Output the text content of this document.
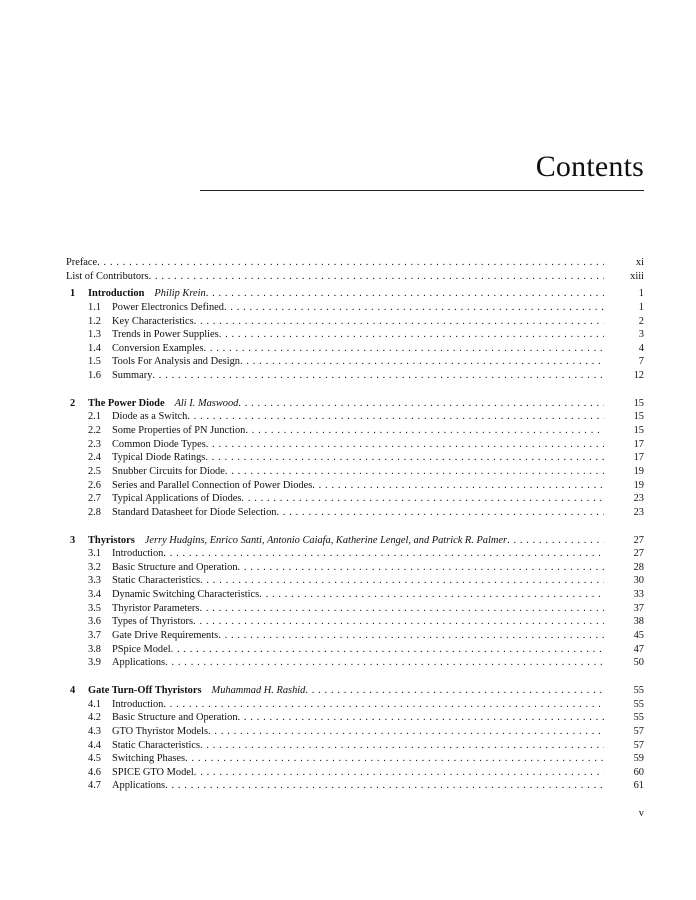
Contents
Preface . . .	xi
List of Contributors . . .	xiii
1	Introduction Philip Krein . . .	1
1.1	Power Electronics Defined . . .	1
1.2	Key Characteristics . . .	2
1.3	Trends in Power Supplies . . .	3
1.4	Conversion Examples . . .	4
1.5	Tools For Analysis and Design . . .	7
1.6	Summary . . .	12
2	The Power Diode Ali I. Maswood . . .	15
2.1	Diode as a Switch . . .	15
2.2	Some Properties of PN Junction . . .	15
2.3	Common Diode Types . . .	17
2.4	Typical Diode Ratings . . .	17
2.5	Snubber Circuits for Diode . . .	19
2.6	Series and Parallel Connection of Power Diodes . . .	19
2.7	Typical Applications of Diodes . . .	23
2.8	Standard Datasheet for Diode Selection . . .	23
3	Thyristors Jerry Hudgins, Enrico Santi, Antonio Caiafa, Katherine Lengel, and Patrick R. Palmer . . .	27
3.1	Introduction . . .	27
3.2	Basic Structure and Operation . . .	28
3.3	Static Characteristics . . .	30
3.4	Dynamic Switching Characteristics . . .	33
3.5	Thyristor Parameters . . .	37
3.6	Types of Thyristors . . .	38
3.7	Gate Drive Requirements . . .	45
3.8	PSpice Model . . .	47
3.9	Applications . . .	50
4	Gate Turn-Off Thyristors Muhammad H. Rashid . . .	55
4.1	Introduction . . .	55
4.2	Basic Structure and Operation . . .	55
4.3	GTO Thyristor Models . . .	57
4.4	Static Characteristics . . .	57
4.5	Switching Phases . . .	59
4.6	SPICE GTO Model . . .	60
4.7	Applications . . .	61
v
